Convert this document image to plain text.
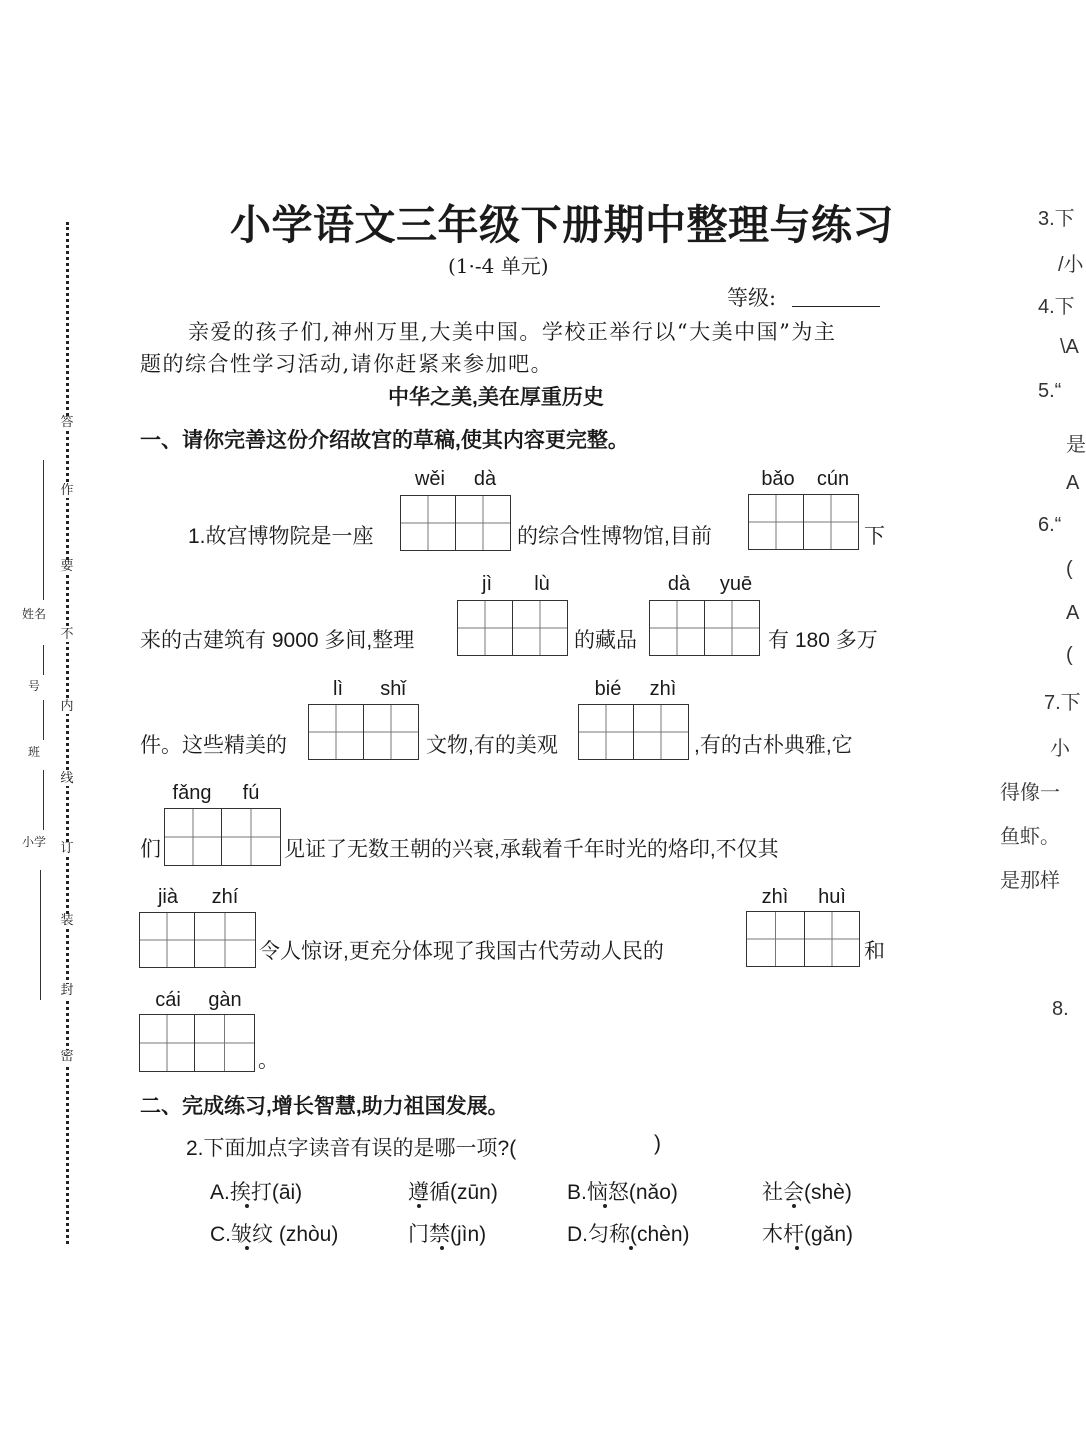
答
作
要
不
内
线
订
装
封
密
姓名
号
班
小学
小学语文三年级下册期中整理与练习
(1·-4 单元)
等级:
亲爱的孩子们,神州万里,大美中国。学校正举行以“大美中国”为主
题的综合性学习活动,请你赶紧来参加吧。
中华之美,美在厚重历史
一、请你完善这份介绍故宫的草稿,使其内容更完整。
1.故宫博物院是一座
wěi	dà
的综合性博物馆,目前
bǎo	cún
下
来的古建筑有 9000 多间,整理
jì	lù
的藏品
dà	yuē
有 180 多万
件。这些精美的
lì	shǐ
文物,有的美观
bié	zhì
,有的古朴典雅,它
们
fǎng	fú
见证了无数王朝的兴衰,承载着千年时光的烙印,不仅其
jià	zhí
令人惊讶,更充分体现了我国古代劳动人民的
zhì	huì
和
cái	gàn
。
二、完成练习,增长智慧,助力祖国发展。
2.下面加点字读音有误的是哪一项?(	)
A.挨打(āi)	遵循(zūn)	B.恼怒(nǎo)	社会(shè)
C.皱纹 (zhòu)	门禁(jìn)	D.匀称(chèn)	木杆(gǎn)
3.下
/小
4.下
\A
5.“
是
A
6.“
(
A
(
7.下
小
得像一
鱼虾。
是那样
8.
